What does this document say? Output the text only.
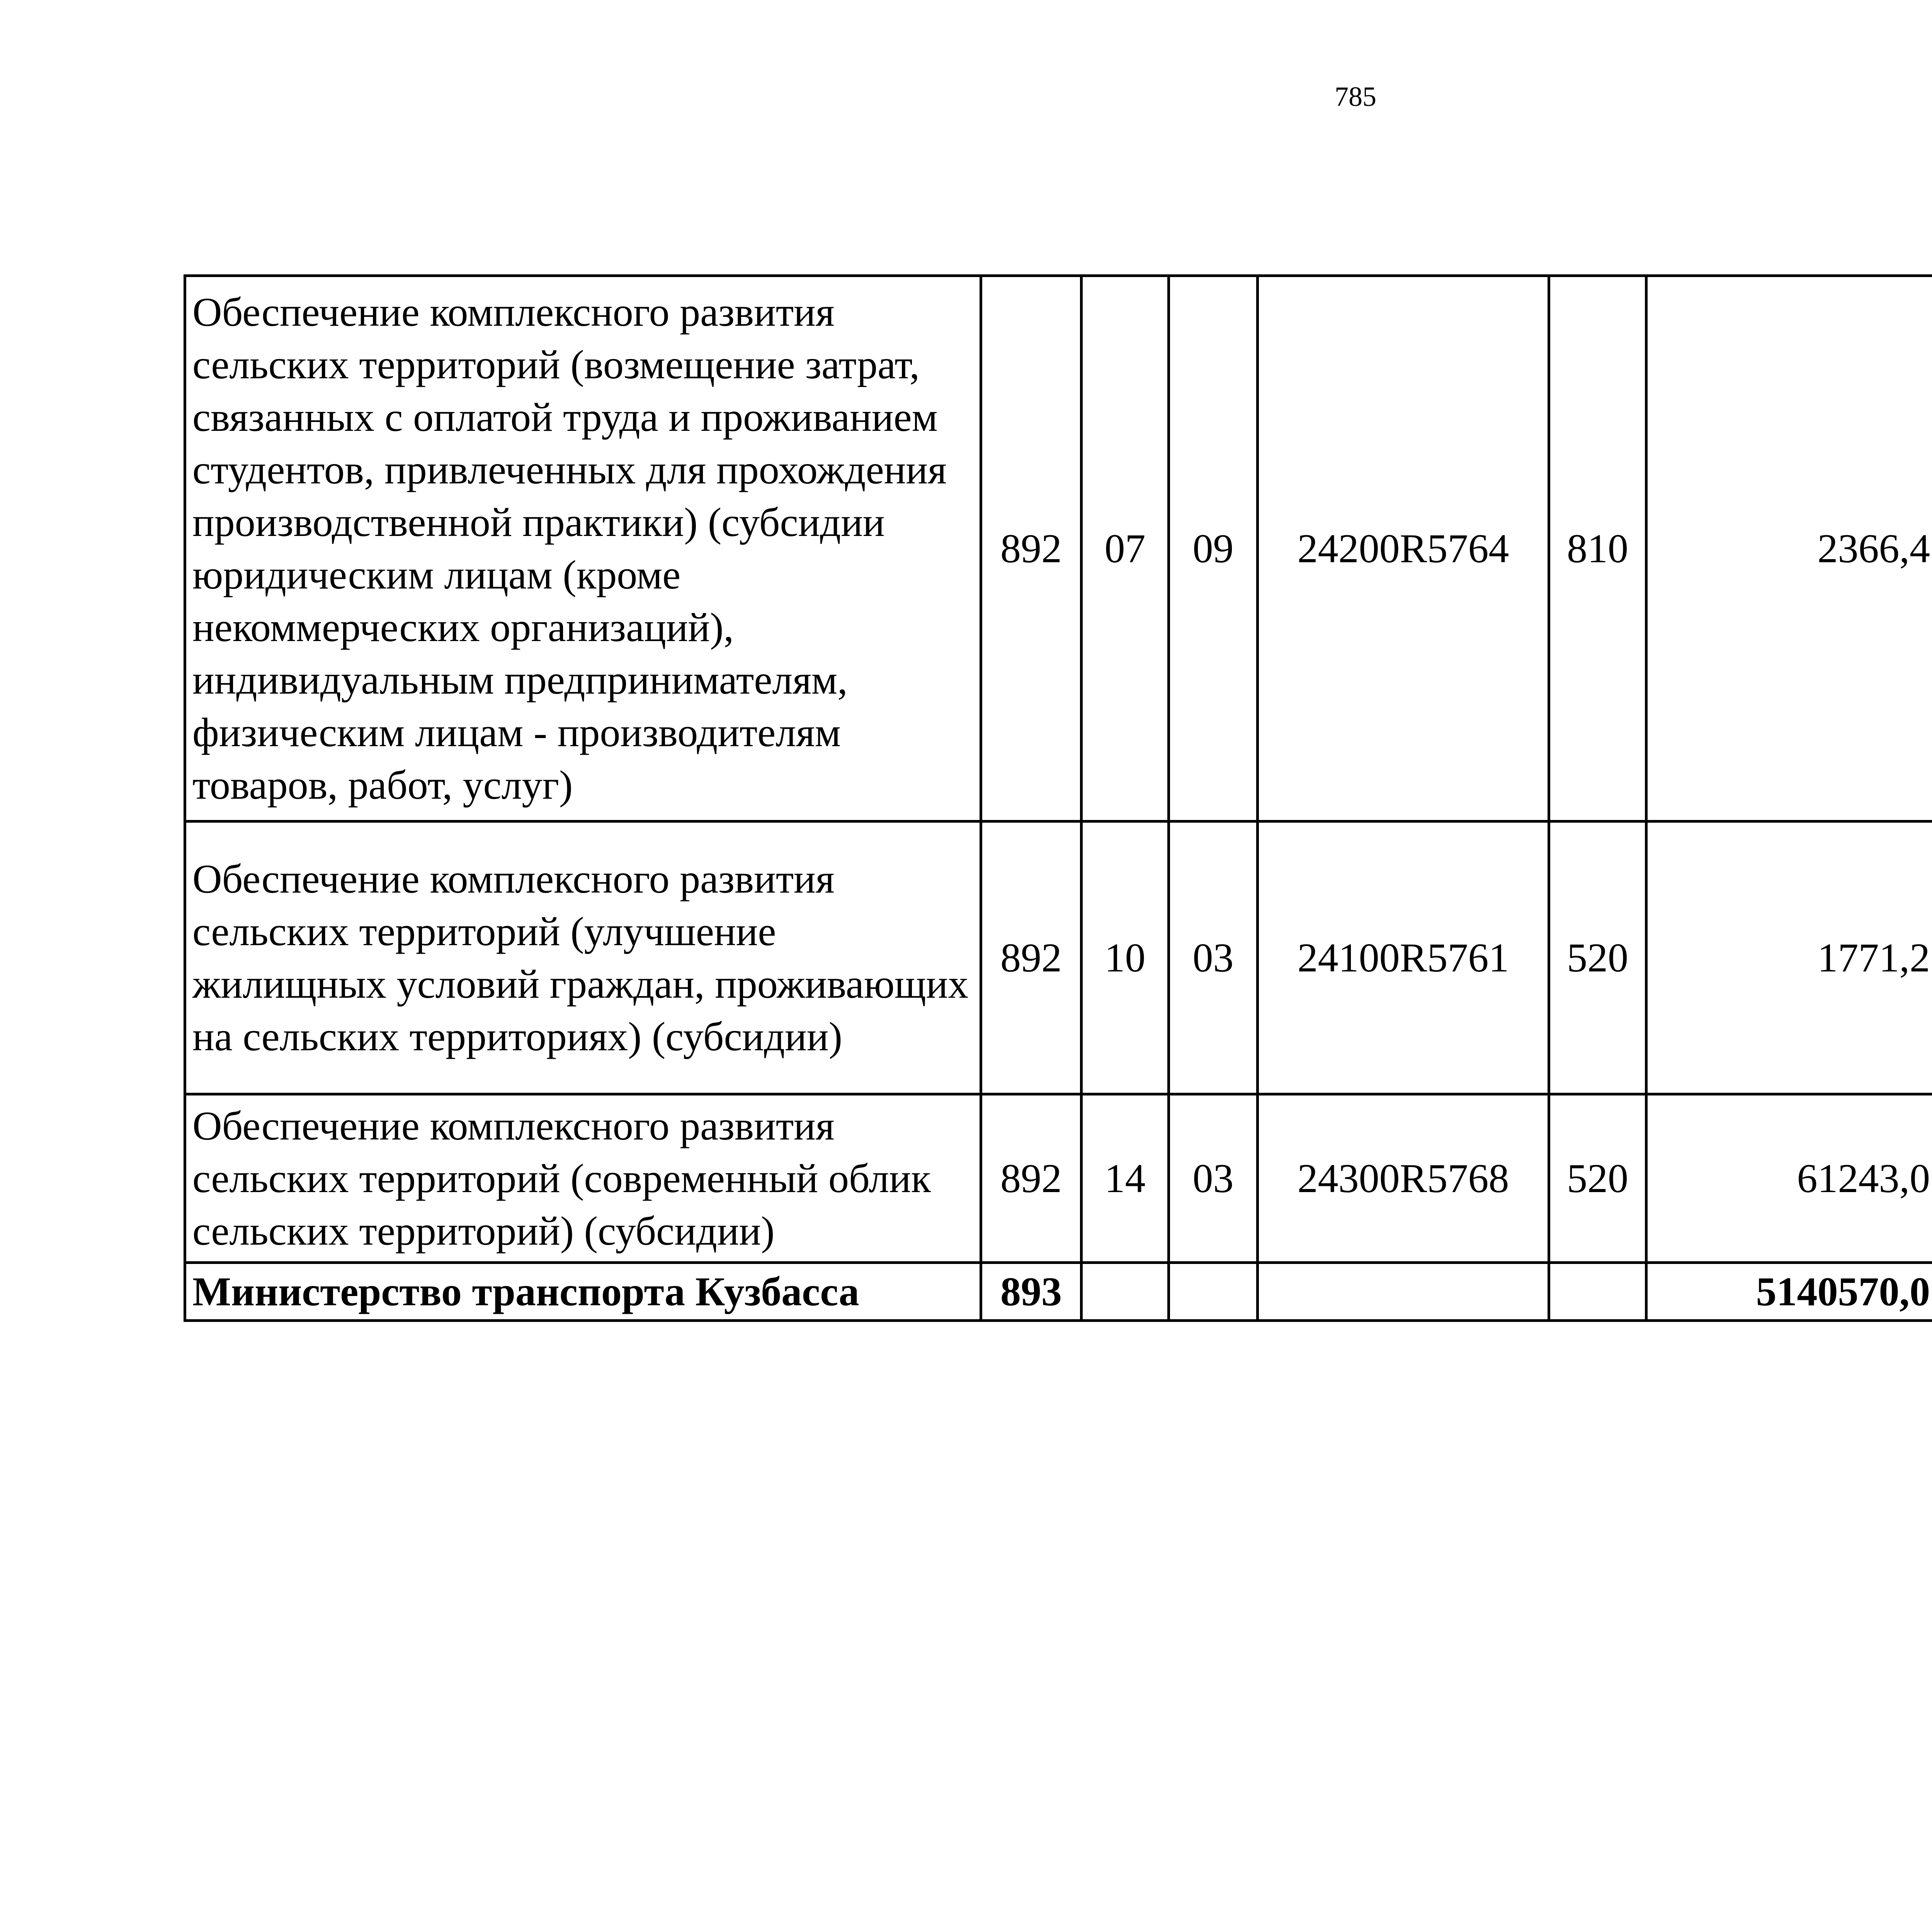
785
Обеспечение комплексного развития сельских территорий (возмещение затрат, связанных с оплатой труда и проживанием студентов, привлеченных для прохождения производственной практики) (субсидии юридическим лицам (кроме некоммерческих организаций), индивидуальным предпринимателям, физическим лицам - производителям товаров, работ, услуг)	892	07	09	24200R5764	810	2366,4		
Обеспечение комплексного развития сельских территорий (улучшение жилищных условий граждан, проживающих на сельских территориях) (субсидии)	892	10	03	24100R5761	520	1771,2		
Обеспечение комплексного развития сельских территорий (современный облик сельских территорий) (субсидии)	892	14	03	24300R5768	520	61243,0		
Министерство транспорта Кузбасса	893					5140570,0		
